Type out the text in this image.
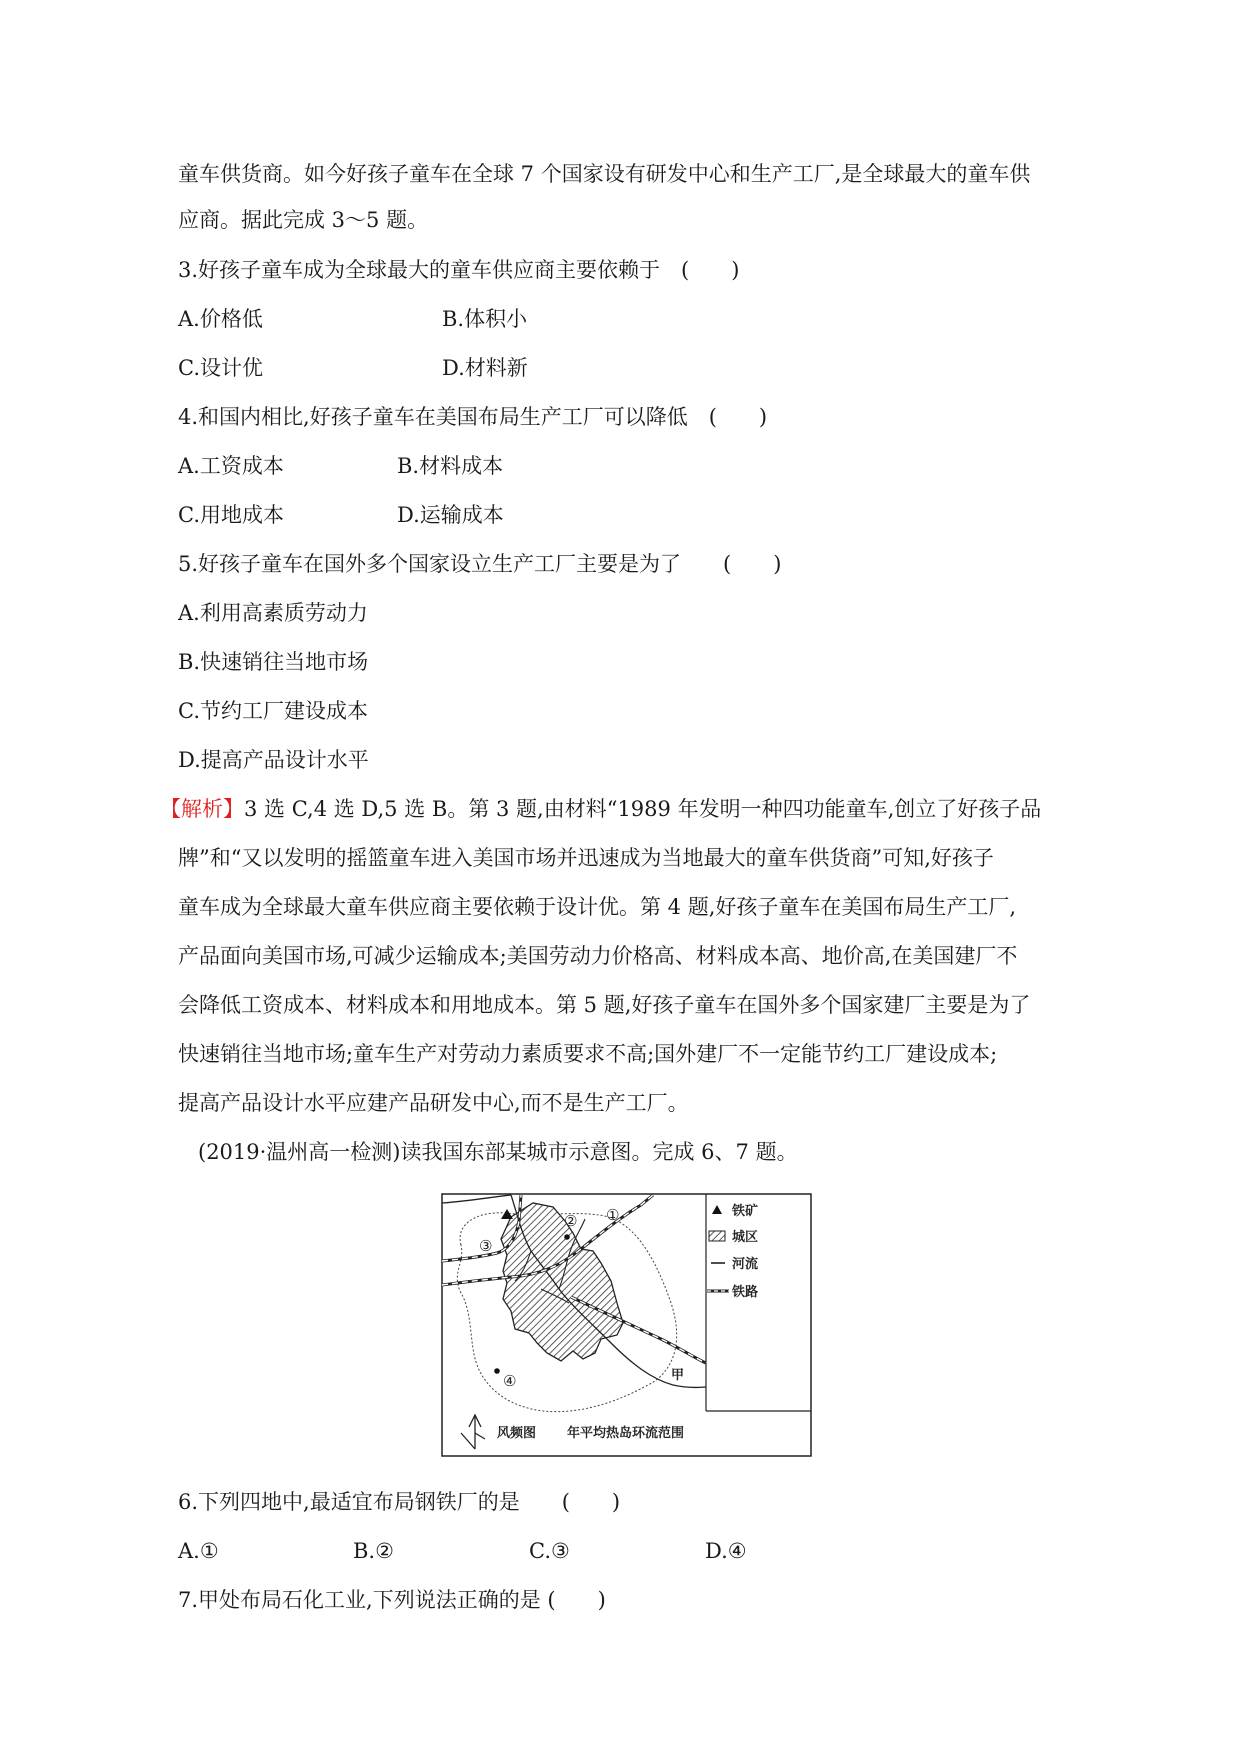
童车供货商。如今好孩子童车在全球 7 个国家设有研发中心和生产工厂,是全球最大的童车供
应商。据此完成 3～5 题。
3.好孩子童车成为全球最大的童车供应商主要依赖于　(　　)
A.价格低	B.体积小
C.设计优	D.材料新
4.和国内相比,好孩子童车在美国布局生产工厂可以降低　(　　)
A.工资成本	B.材料成本
C.用地成本	D.运输成本
5.好孩子童车在国外多个国家设立生产工厂主要是为了　　(　　)
A.利用高素质劳动力
B.快速销往当地市场
C.节约工厂建设成本
D.提高产品设计水平
【解析】3 选 C,4 选 D,5 选 B。第 3 题,由材料“1989 年发明一种四功能童车,创立了好孩子品
牌”和“又以发明的摇篮童车进入美国市场并迅速成为当地最大的童车供货商”可知,好孩子
童车成为全球最大童车供应商主要依赖于设计优。第 4 题,好孩子童车在美国布局生产工厂,
产品面向美国市场,可减少运输成本;美国劳动力价格高、材料成本高、地价高,在美国建厂不
会降低工资成本、材料成本和用地成本。第 5 题,好孩子童车在国外多个国家建厂主要是为了
快速销往当地市场;童车生产对劳动力素质要求不高;国外建厂不一定能节约工厂建设成本;
提高产品设计水平应建产品研发中心,而不是生产工厂。
(2019·温州高一检测)读我国东部某城市示意图。完成 6、7 题。
①
②
③
④	甲
铁矿
城区
河流
铁路
风频图 年平均热岛环流范围
6.下列四地中,最适宜布局钢铁厂的是　　(　　)
A.①	B.②	C.③	D.④
7.甲处布局石化工业,下列说法正确的是 (　　)
